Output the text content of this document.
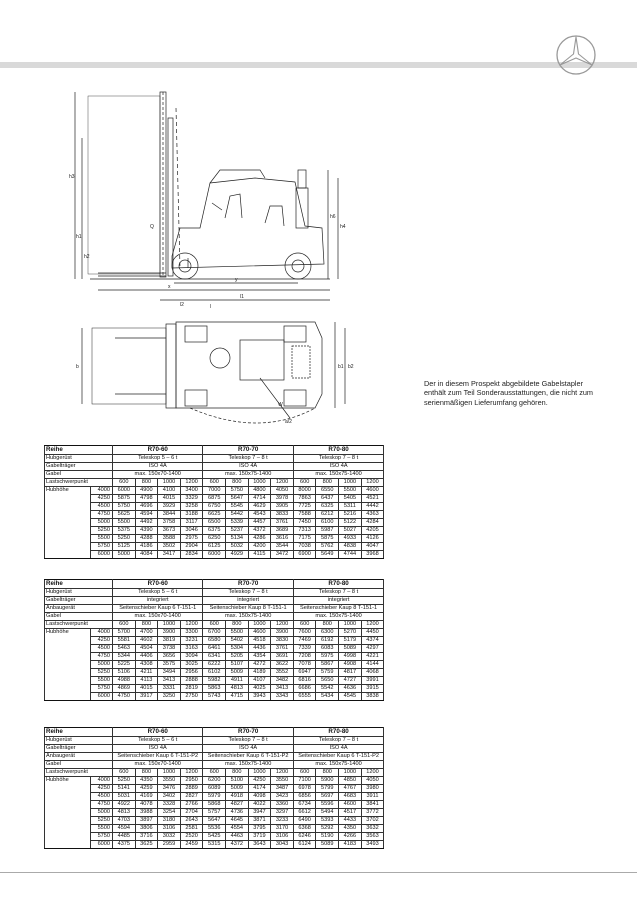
h3
h1
h6
h4
h2
Q
l2
l1
l
x
y
b1 b2
b
W
a/2
Der in diesem Prospekt abgebildete Gabelstapler enthält zum Teil Sonderausstattungen, die nicht zum serienmäßigen Lieferumfang gehören.
Reihe		R70-60				R70-70				R70-80			
Hubgerüst		Teleskop 5 – 6 t				Teleskop 7 – 8 t				Teleskop 7 – 8 t			
Gabelträger		ISO 4A				ISO 4A				ISO 4A			
Gabel		max. 150x70-1400				max. 150x75-1400				max. 150x75-1400			
Lastschwerpunkt		600	800	1000	1200	600	800	1000	1200	600	800	1000	1200
Hubhöhe	4000	6000	4900	4100	3400	7000	5750	4800	4050	8000	6550	5500	4600
	4250	5875	4798	4015	3329	6875	5647	4714	3978	7863	6437	5405	4521
	4500	5750	4696	3929	3258	6750	5545	4629	3905	7725	6325	5311	4442
	4750	5625	4594	3844	3188	6625	5442	4543	3833	7588	6212	5216	4363
	5000	5500	4492	3758	3117	6500	5339	4457	3761	7450	6100	5122	4284
	5250	5375	4390	3673	3046	6375	5237	4372	3689	7313	5987	5027	4205
	5500	5250	4288	3588	2975	6250	5134	4286	3616	7175	5875	4933	4126
	5750	5125	4186	3502	2904	6125	5032	4200	3544	7038	5762	4838	4047
	6000	5000	4084	3417	2834	6000	4929	4115	3472	6900	5649	4744	3968
Reihe		R70-60				R70-70				R70-80			
Hubgerüst		Teleskop 5 – 6 t				Teleskop 7 – 8 t				Teleskop 7 – 8 t			
Gabelträger		integriert				integriert				integriert			
Anbaugerät		Seitenschieber Kaup 6 T-151-1				Seitenschieber Kaup 8 T-151-1				Seitenschieber Kaup 8 T-151-1			
Gabel		max. 150x70-1400				max. 150x75-1400				max. 150x75-1400			
Lastschwerpunkt		600	800	1000	1200	600	800	1000	1200	600	800	1000	1200
Hubhöhe	4000	5700	4700	3900	3300	6700	5500	4600	3900	7600	6300	5270	4450
	4250	5581	4602	3819	3231	6580	5402	4518	3830	7469	6192	5179	4374
	4500	5463	4504	3738	3163	6461	5304	4436	3761	7339	6083	5089	4297
	4750	5344	4406	3656	3094	6341	5205	4354	3691	7208	5975	4998	4221
	5000	5225	4308	3575	3025	6222	5107	4272	3622	7078	5867	4908	4144
	5250	5106	4211	3494	2956	6102	5009	4189	3552	6947	5759	4817	4068
	5500	4988	4113	3413	2888	5982	4911	4107	3482	6816	5650	4727	3991
	5750	4869	4015	3331	2819	5863	4813	4025	3413	6686	5542	4636	3915
	6000	4750	3917	3250	2750	5743	4715	3943	3343	6555	5434	4545	3838
Reihe		R70-60				R70-70				R70-80			
Hubgerüst		Teleskop 5 – 6 t				Teleskop 7 – 8 t				Teleskop 7 – 8 t			
Gabelträger		ISO 4A				ISO 4A				ISO 4A			
Anbaugerät		Seitenschieber Kaup 6 T-151-P2				Seitenschieber Kaup 6 T-151-P2				Seitenschieber Kaup 6 T-151-P2			
Gabel		max. 150x70-1400				max. 150x75-1400				max. 150x75-1400			
Lastschwerpunkt		600	800	1000	1200	600	800	1000	1200	600	800	1000	1200
Hubhöhe	4000	5250	4350	3550	2950	6200	5100	4250	3550	7100	5900	4850	4050
	4250	5141	4259	3476	2889	6089	5009	4174	3487	6978	5799	4767	3980
	4500	5031	4169	3402	2827	5979	4918	4098	3423	6856	5697	4683	3911
	4750	4922	4078	3328	2766	5868	4827	4022	3360	6734	5596	4600	3841
	5000	4813	3988	3254	2704	5757	4736	3947	3297	6612	5494	4517	3772
	5250	4703	3897	3180	2643	5647	4645	3871	3233	6490	5393	4433	3702
	5500	4594	3806	3106	2581	5536	4554	3795	3170	6368	5292	4350	3632
	5750	4485	3716	3032	2520	5425	4463	3719	3106	6246	5190	4266	3563
	6000	4375	3625	2959	2459	5315	4372	3643	3043	6124	5089	4183	3493
